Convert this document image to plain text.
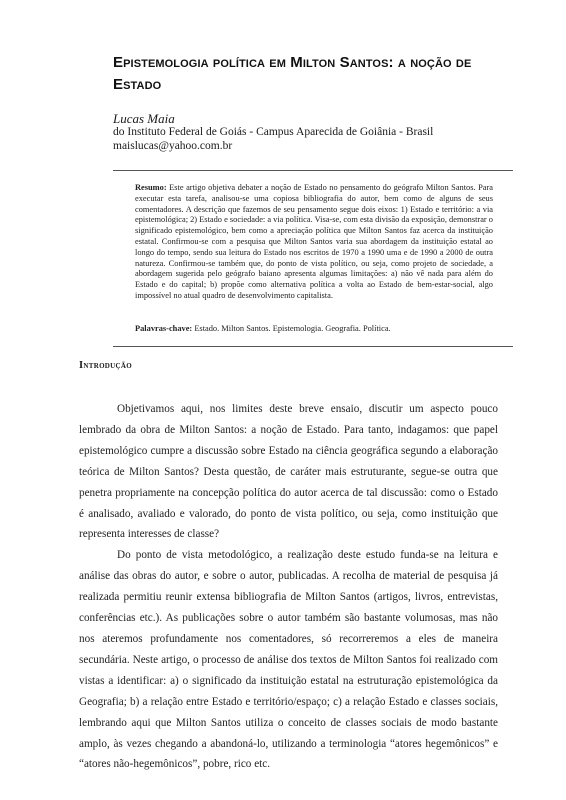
Epistemologia política em Milton Santos: a noção de Estado
Lucas Maia
do Instituto Federal de Goiás - Campus Aparecida de Goiânia - Brasil
maislucas@yahoo.com.br
Resumo: Este artigo objetiva debater a noção de Estado no pensamento do geógrafo Milton Santos. Para executar esta tarefa, analisou-se uma copiosa bibliografia do autor, bem como de alguns de seus comentadores. A descrição que fazemos de seu pensamento segue dois eixos: 1) Estado e território: a via epistemológica; 2) Estado e sociedade: a via política. Visa-se, com esta divisão da exposição, demonstrar o significado epistemológico, bem como a apreciação política que Milton Santos faz acerca da instituição estatal. Confirmou-se com a pesquisa que Milton Santos varia sua abordagem da instituição estatal ao longo do tempo, sendo sua leitura do Estado nos escritos de 1970 a 1990 uma e de 1990 a 2000 de outra natureza. Confirmou-se também que, do ponto de vista político, ou seja, como projeto de sociedade, a abordagem sugerida pelo geógrafo baiano apresenta algumas limitações: a) não vê nada para além do Estado e do capital; b) propõe como alternativa política a volta ao Estado de bem-estar-social, algo impossível no atual quadro de desenvolvimento capitalista.
Palavras-chave: Estado. Milton Santos. Epistemologia. Geografia. Política.
Introdução

Objetivamos aqui, nos limites deste breve ensaio, discutir um aspecto pouco lembrado da obra de Milton Santos: a noção de Estado. Para tanto, indagamos: que papel epistemológico cumpre a discussão sobre Estado na ciência geográfica segundo a elaboração teórica de Milton Santos? Desta questão, de caráter mais estruturante, segue-se outra que penetra propriamente na concepção política do autor acerca de tal discussão: como o Estado é analisado, avaliado e valorado, do ponto de vista político, ou seja, como instituição que representa interesses de classe?

Do ponto de vista metodológico, a realização deste estudo funda-se na leitura e análise das obras do autor, e sobre o autor, publicadas. A recolha de material de pesquisa já realizada permitiu reunir extensa bibliografia de Milton Santos (artigos, livros, entrevistas, conferências etc.). As publicações sobre o autor também são bastante volumosas, mas não nos ateremos profundamente nos comentadores, só recorreremos a eles de maneira secundária. Neste artigo, o processo de análise dos textos de Milton Santos foi realizado com vistas a identificar: a) o significado da instituição estatal na estruturação epistemológica da Geografia; b) a relação entre Estado e território/espaço; c) a relação Estado e classes sociais, lembrando aqui que Milton Santos utiliza o conceito de classes sociais de modo bastante amplo, às vezes chegando a abandoná-lo, utilizando a terminologia “atores hegemônicos” e “atores não-hegemônicos”, pobre, rico etc.
